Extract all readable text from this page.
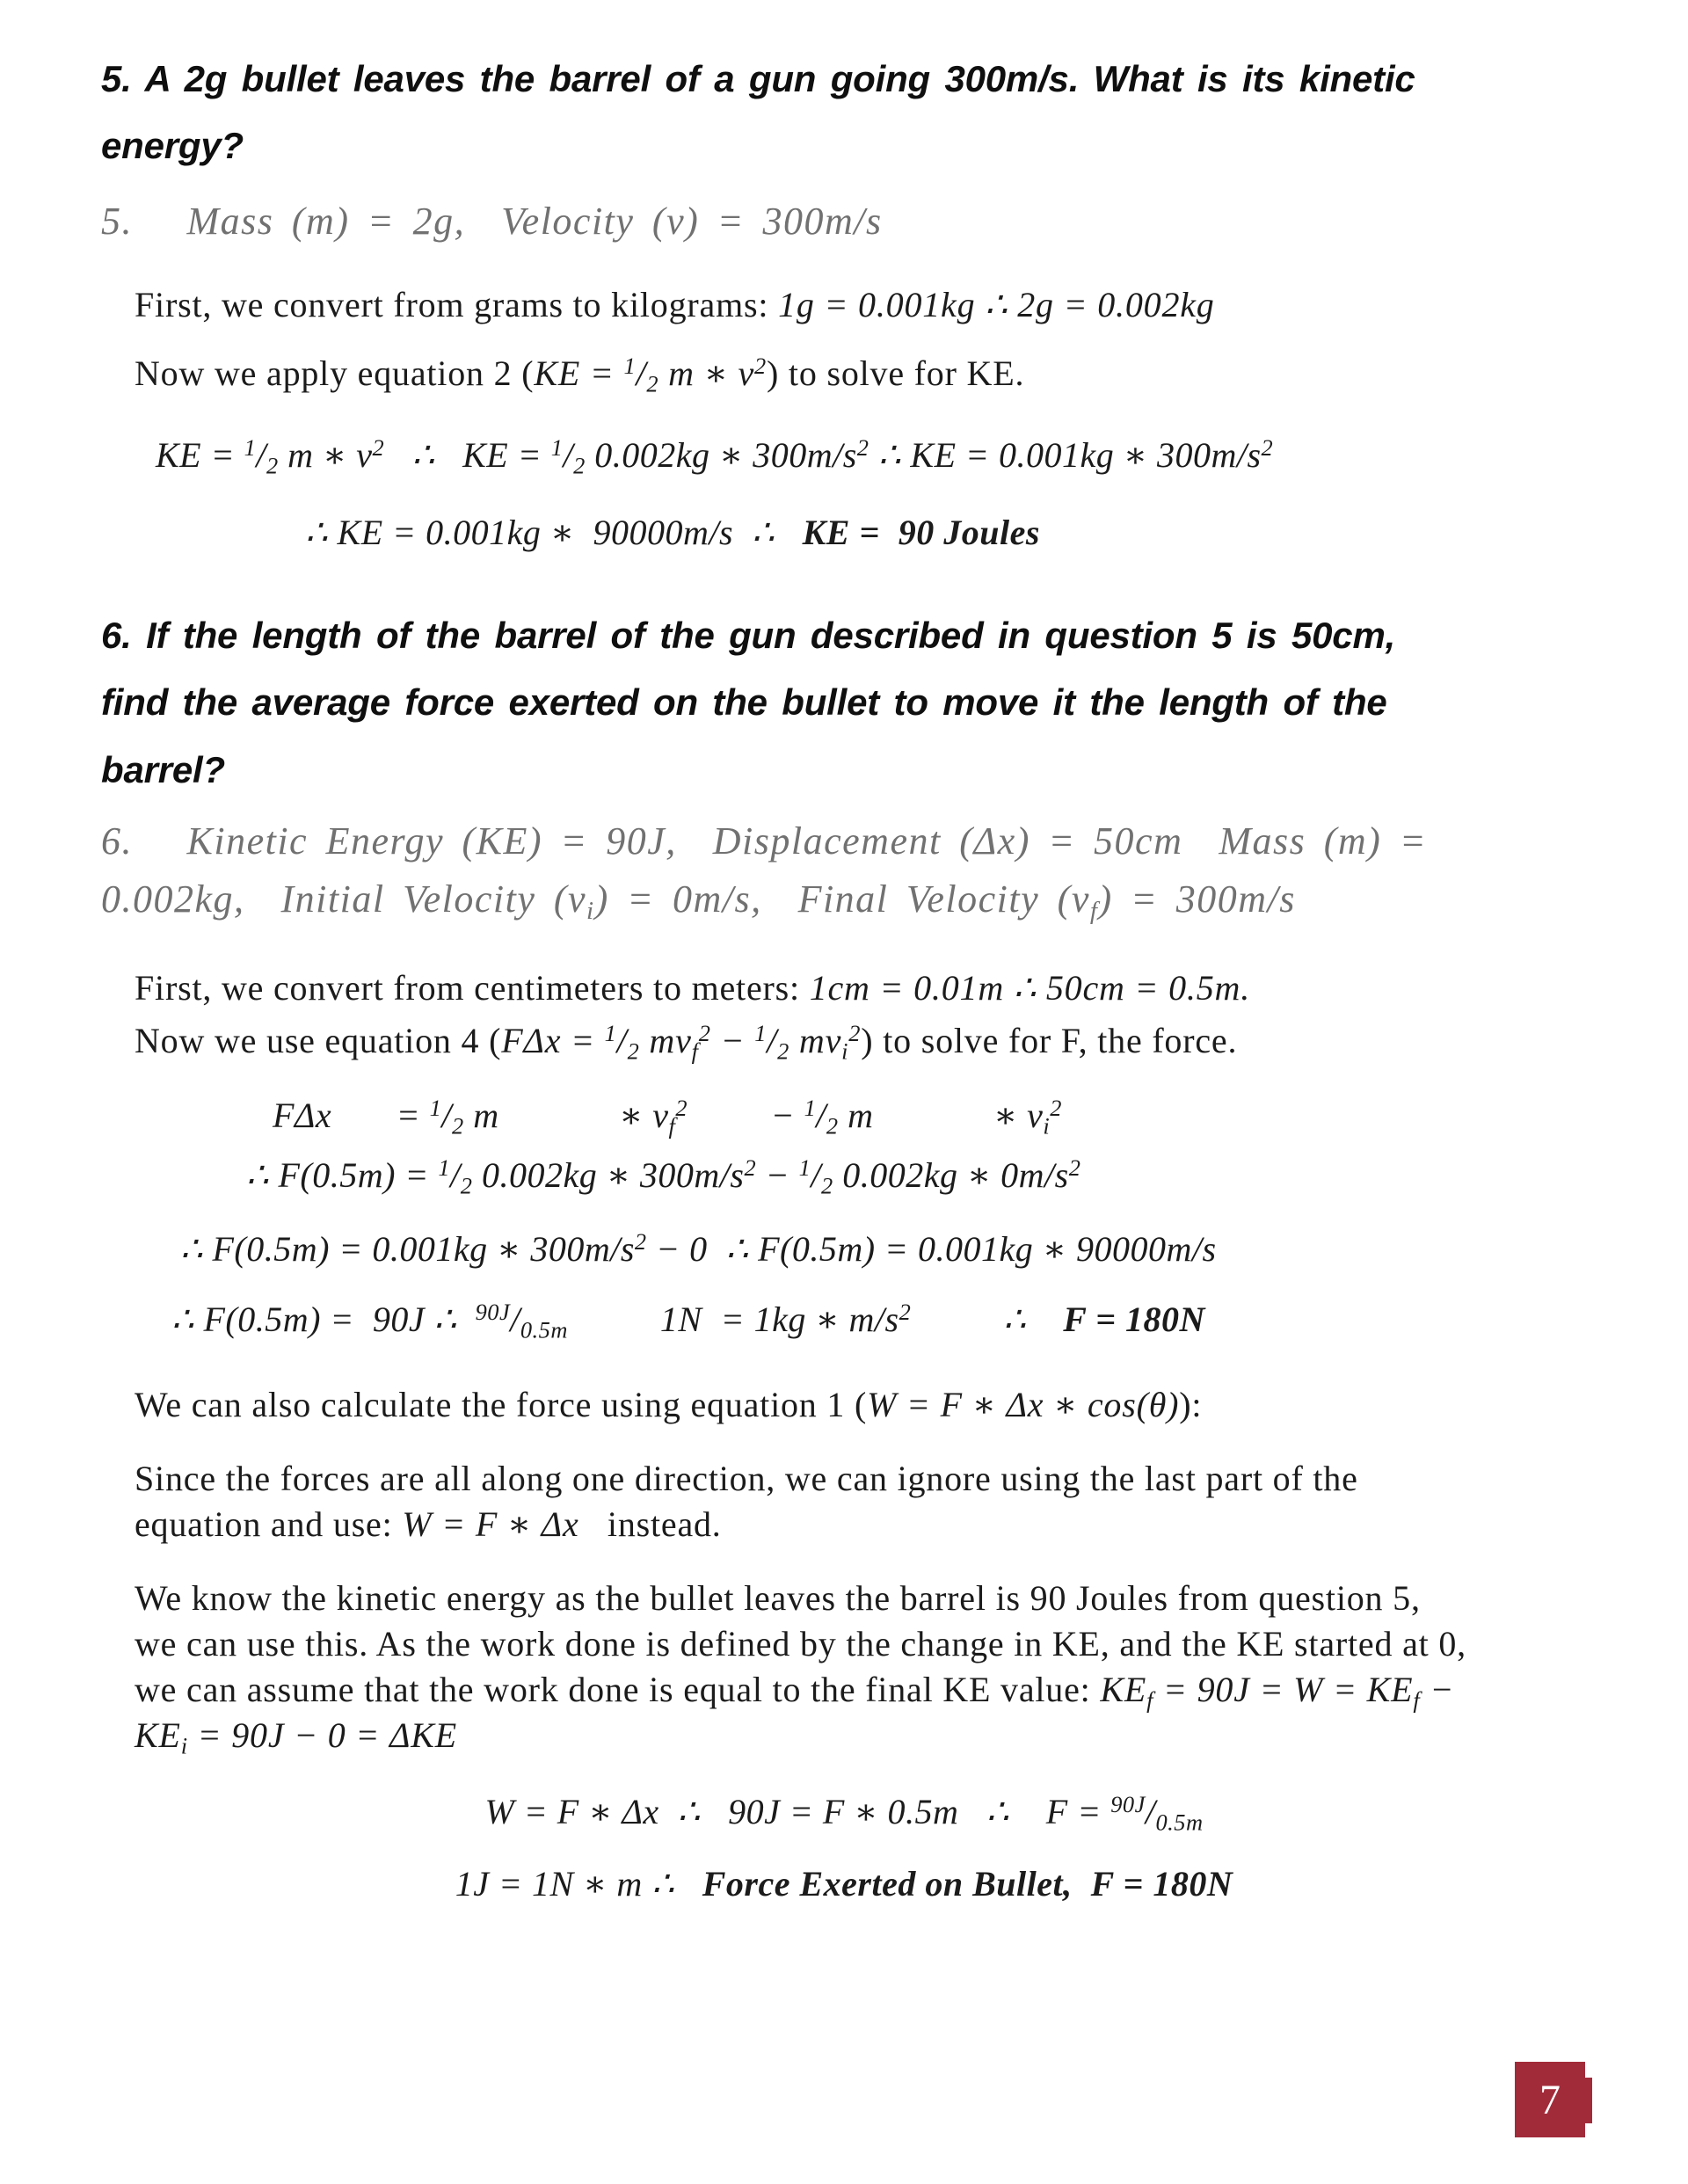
5. A 2g bullet leaves the barrel of a gun going 300m/s. What is its kinetic energy?
5.   Mass (m) = 2g,  Velocity (v) = 300m/s
First, we convert from grams to kilograms: 1g = 0.001kg ∴ 2g = 0.002kg
Now we apply equation 2 ($KE = ^1/_2$ m ∗ $v^2$) to solve for KE.
KE = $^1/_2$ m ∗ $v^2$   ∴   KE = $^1/_2$ 0.002kg ∗ $300m/s^2$ ∴ KE = 0.001kg ∗ $300m/s^2$
∴ KE = 0.001kg ∗  90000m/s  ∴   KE =  90 Joules
6. If the length of the barrel of the gun described in question 5 is 50cm, find the average force exerted on the bullet to move it the length of the barrel?
6.   Kinetic Energy (KE) = 90J,  Displacement (Δx) = 50cm  Mass (m) = 0.002kg,  Initial Velocity $(v_i) = 0m/s$,  Final Velocity $(v_f) = 300m/s$
First, we convert from centimeters to meters: 1cm = 0.01m ∴ 50cm = 0.5m.
Now we use equation 4 ($F\Delta x = ^1/_2$ $mv_f^2 - ^1/_2$ $mv_i^2$) to solve for F, the force.
FΔx       = $^1/_2$ m             ∗ $v_f^2$         − $^1/_2$ m             ∗ $v_i^2$
∴ $F(0.5m) = ^1/_2$ 0.002kg ∗ $300m/s^2 - ^1/_2$ 0.002kg ∗ $0m/s^2$
∴ F(0.5m) = 0.001kg ∗ $300m/s^2 - 0$  ∴ F(0.5m) = 0.001kg ∗ 90000m/s
∴ F(0.5m) =  90J ∴  $^{90J}/_{0.5m}$          1N  = 1kg ∗ $m/s^2$          ∴    F = 180N
We can also calculate the force using equation 1 (W = F ∗ Δx ∗ cos(θ)):
Since the forces are all along one direction, we can ignore using the last part of the equation and use: W = F ∗ Δx   instead.
We know the kinetic energy as the bullet leaves the barrel is 90 Joules from question 5, we can use this. As the work done is defined by the change in KE, and the KE started at 0, we can assume that the work done is equal to the final KE value: $KE_f = 90J = W = KE_f - KE_i = 90J - 0 = \Delta KE$
W = F ∗ Δx  ∴   90J = F ∗ 0.5m   ∴    $F = ^{90J}/_{0.5m}$
1J = 1N ∗ m ∴   Force Exerted on Bullet,  F = 180N
7
